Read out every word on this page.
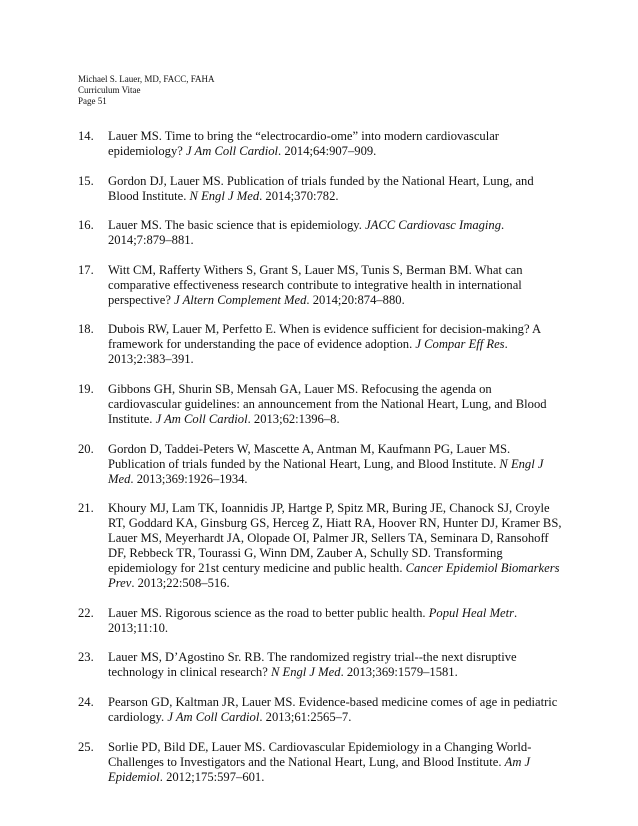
Michael S. Lauer, MD, FACC, FAHA
Curriculum Vitae
Page 51
14.	Lauer MS. Time to bring the “electrocardio-ome” into modern cardiovascular
epidemiology? J Am Coll Cardiol. 2014;64:907–909.
15.	Gordon DJ, Lauer MS. Publication of trials funded by the National Heart, Lung, and
Blood Institute. N Engl J Med. 2014;370:782.
16.	Lauer MS. The basic science that is epidemiology. JACC Cardiovasc Imaging.
2014;7:879–881.
17.	Witt CM, Rafferty Withers S, Grant S, Lauer MS, Tunis S, Berman BM. What can
comparative effectiveness research contribute to integrative health in international
perspective? J Altern Complement Med. 2014;20:874–880.
18.	Dubois RW, Lauer M, Perfetto E. When is evidence sufficient for decision-making? A
framework for understanding the pace of evidence adoption. J Compar Eff Res.
2013;2:383–391.
19.	Gibbons GH, Shurin SB, Mensah GA, Lauer MS. Refocusing the agenda on
cardiovascular guidelines: an announcement from the National Heart, Lung, and Blood
Institute. J Am Coll Cardiol. 2013;62:1396–8.
20.	Gordon D, Taddei-Peters W, Mascette A, Antman M, Kaufmann PG, Lauer MS.
Publication of trials funded by the National Heart, Lung, and Blood Institute. N Engl J
Med. 2013;369:1926–1934.
21.	Khoury MJ, Lam TK, Ioannidis JP, Hartge P, Spitz MR, Buring JE, Chanock SJ, Croyle
RT, Goddard KA, Ginsburg GS, Herceg Z, Hiatt RA, Hoover RN, Hunter DJ, Kramer BS,
Lauer MS, Meyerhardt JA, Olopade OI, Palmer JR, Sellers TA, Seminara D, Ransohoff
DF, Rebbeck TR, Tourassi G, Winn DM, Zauber A, Schully SD. Transforming
epidemiology for 21st century medicine and public health. Cancer Epidemiol Biomarkers
Prev. 2013;22:508–516.
22.	Lauer MS. Rigorous science as the road to better public health. Popul Heal Metr.
2013;11:10.
23.	Lauer MS, D’Agostino Sr. RB. The randomized registry trial--the next disruptive
technology in clinical research? N Engl J Med. 2013;369:1579–1581.
24.	Pearson GD, Kaltman JR, Lauer MS. Evidence-based medicine comes of age in pediatric
cardiology. J Am Coll Cardiol. 2013;61:2565–7.
25.	Sorlie PD, Bild DE, Lauer MS. Cardiovascular Epidemiology in a Changing World-
Challenges to Investigators and the National Heart, Lung, and Blood Institute. Am J
Epidemiol. 2012;175:597–601.
